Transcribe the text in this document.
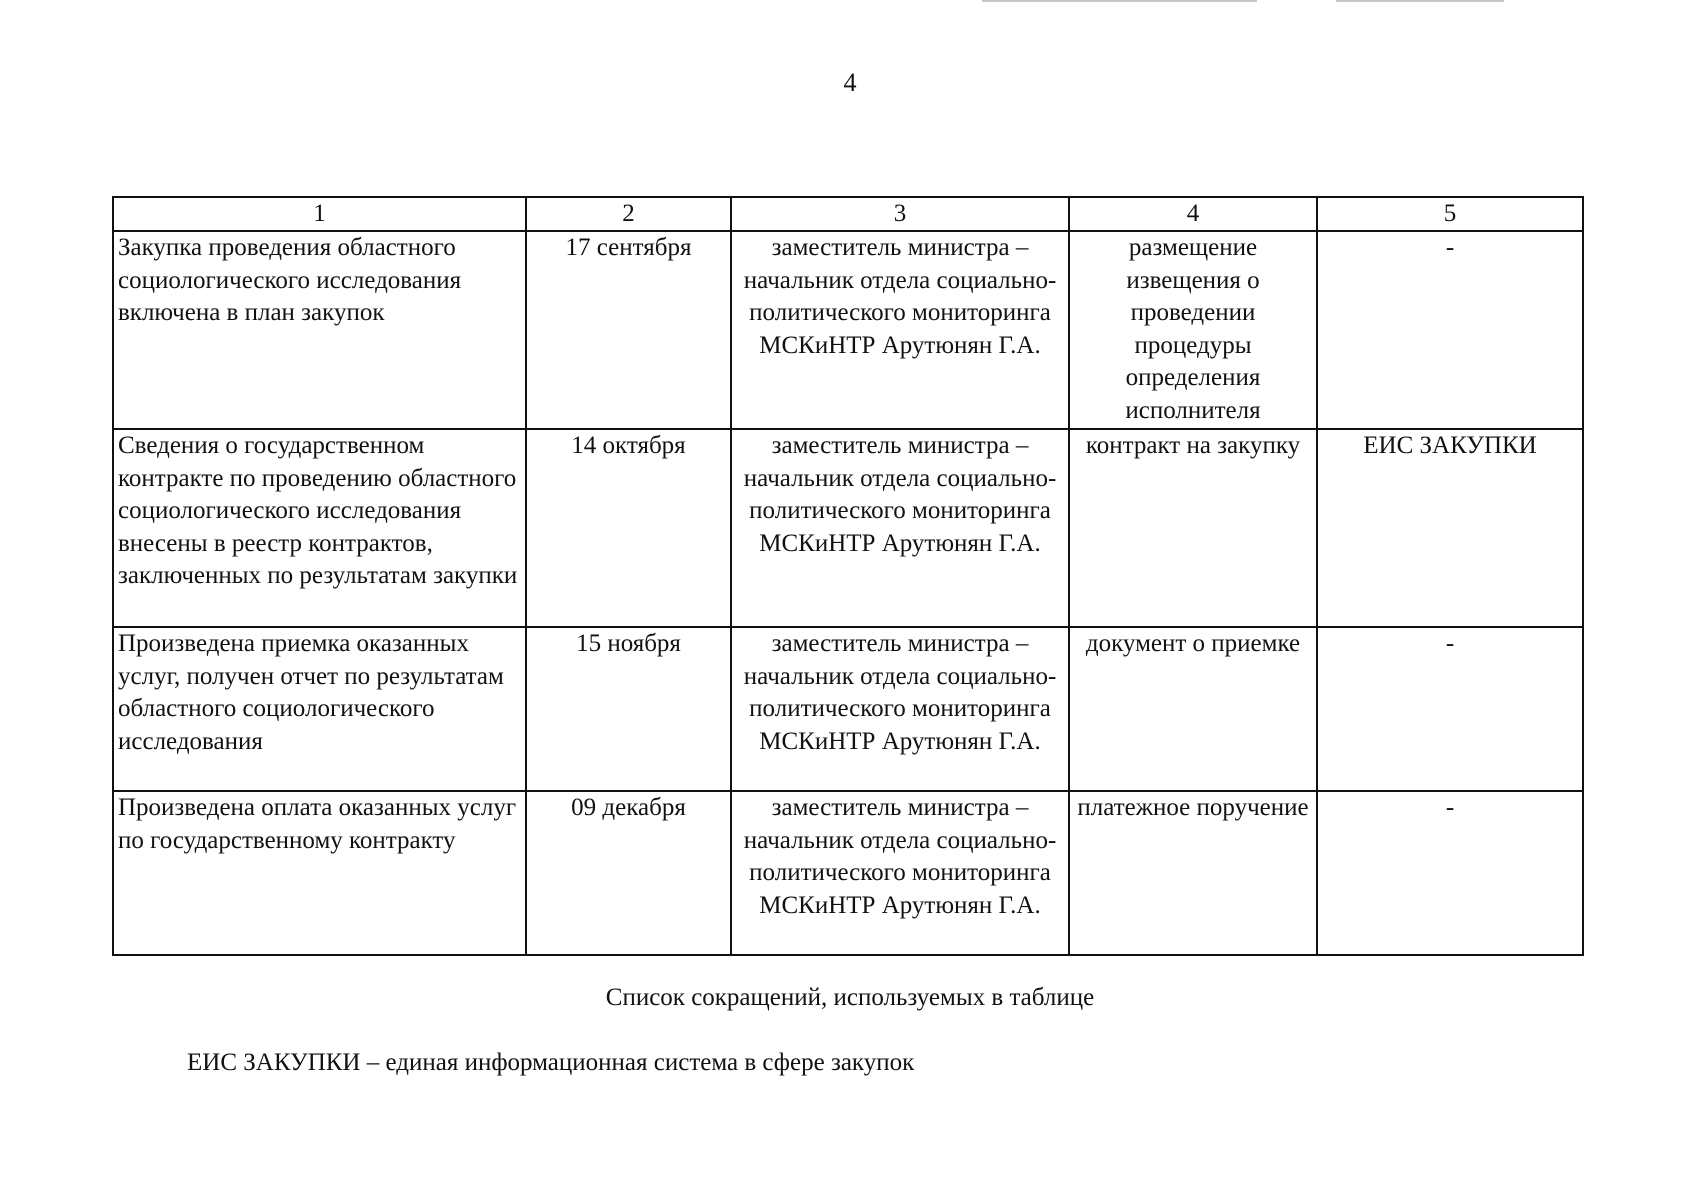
4
1	2	3	4	5
Закупка проведения областного социологического исследования включена в план закупок	17 сентября	заместитель министра – начальник отдела социально-политического мониторинга МСКиНТР Арутюнян Г.А.	размещение извещения о проведении процедуры определения исполнителя	-
Сведения о государственном контракте по проведению областного социологического исследования внесены в реестр контрактов, заключенных по результатам закупки	14 октября	заместитель министра – начальник отдела социально-политического мониторинга МСКиНТР Арутюнян Г.А.	контракт на закупку	ЕИС ЗАКУПКИ
Произведена приемка оказанных услуг, получен отчет по результатам областного социологического исследования	15 ноября	заместитель министра – начальник отдела социально-политического мониторинга МСКиНТР Арутюнян Г.А.	документ о приемке	-
Произведена оплата оказанных услуг по государственному контракту	09 декабря	заместитель министра – начальник отдела социально-политического мониторинга МСКиНТР Арутюнян Г.А.	платежное поручение	-
Список сокращений, используемых в таблице
ЕИС ЗАКУПКИ – единая информационная система в сфере закупок
